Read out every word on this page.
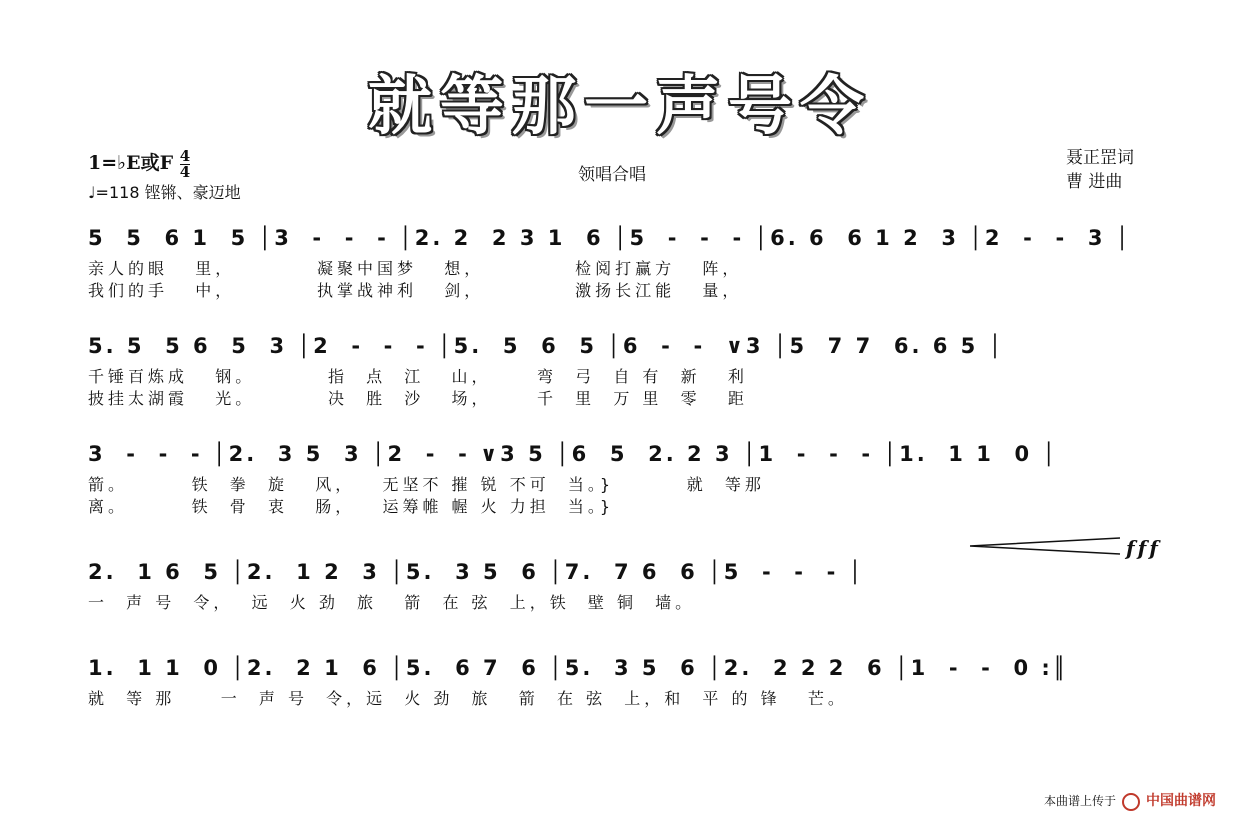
就等那一声号令
1=♭E或F $\frac{4}{4}$
♩=118 铿锵、豪迈地
领唱合唱
聂正罡词
曹 进曲
5  5  6 1  5 │3  -  -  - │2. 2  2 3 1  6 │5  -  -  - │6. 6  6 1 2  3 │2  -  -  3 │
亲人的眼   里，         凝聚中国梦   想，          检阅打赢方   阵，
我们的手   中，         执掌战神利   剑，          激扬长江能   量，
5. 5  5 6  5  3 │2  -  -  - │5.  5  6  5 │6  -  -  ∨3 │5  7 7  6. 6 5 │
千锤百炼成   钢。        指  点  江   山，     弯  弓  自 有  新   利
披挂太湖霞   光。        决  胜  沙   场，     千  里  万 里  零   距
3  -  -  - │2.  3 5  3 │2  -  - ∨3 5 │6  5  2. 2 3 │1  -  -  - │1.  1 1  0 │
箭。       铁  拳  旋   风，   无坚不 摧 锐 不可  当。}        就  等那
离。       铁  骨  衷   肠，   运筹帷 幄 火 力担  当。}
2.  1 6  5 │2.  1 2  3 │5.  3 5  6 │7.  7 6  6 │5  -  -  - │
fff
一  声 号  令，  远  火 劲  旅   箭  在 弦  上，铁  壁 铜  墙。
1.  1 1  0 │2.  2 1  6 │5.  6 7  6 │5.  3 5  6 │2.  2 2 2  6 │1  -  -  0 :║
就  等 那     一  声 号  令，远  火 劲  旅   箭  在 弦  上，和  平 的 锋   芒。
本曲谱上传于 中国曲谱网
